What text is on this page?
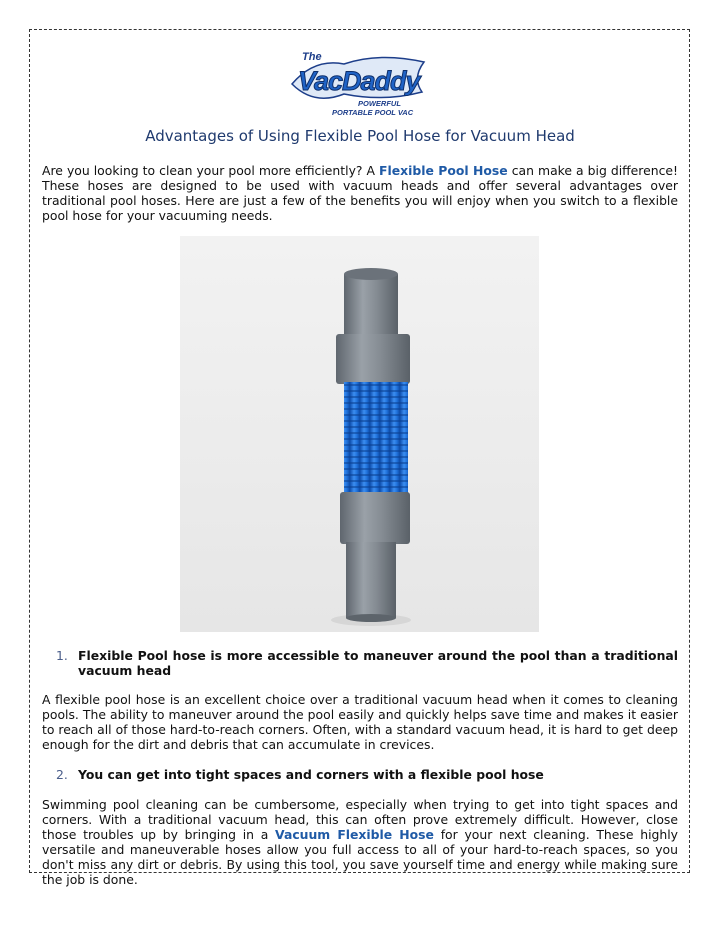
The
VacDaddy
POWERFUL
PORTABLE POOL VAC
Advantages of Using Flexible Pool Hose for Vacuum Head

Are you looking to clean your pool more efficiently? A Flexible Pool Hose can make a big difference! These hoses are designed to be used with vacuum heads and offer several advantages over traditional pool hoses. Here are just a few of the benefits you will enjoy when you switch to a flexible pool hose for your vacuuming needs.

1. Flexible Pool hose is more accessible to maneuver around the pool than a traditional vacuum head

A flexible pool hose is an excellent choice over a traditional vacuum head when it comes to cleaning pools. The ability to maneuver around the pool easily and quickly helps save time and makes it easier to reach all of those hard-to-reach corners. Often, with a standard vacuum head, it is hard to get deep enough for the dirt and debris that can accumulate in crevices.

2. You can get into tight spaces and corners with a flexible pool hose

Swimming pool cleaning can be cumbersome, especially when trying to get into tight spaces and corners. With a traditional vacuum head, this can often prove extremely difficult. However, close those troubles up by bringing in a Vacuum Flexible Hose for your next cleaning. These highly versatile and maneuverable hoses allow you full access to all of your hard-to-reach spaces, so you don't miss any dirt or debris. By using this tool, you save yourself time and energy while making sure the job is done.
